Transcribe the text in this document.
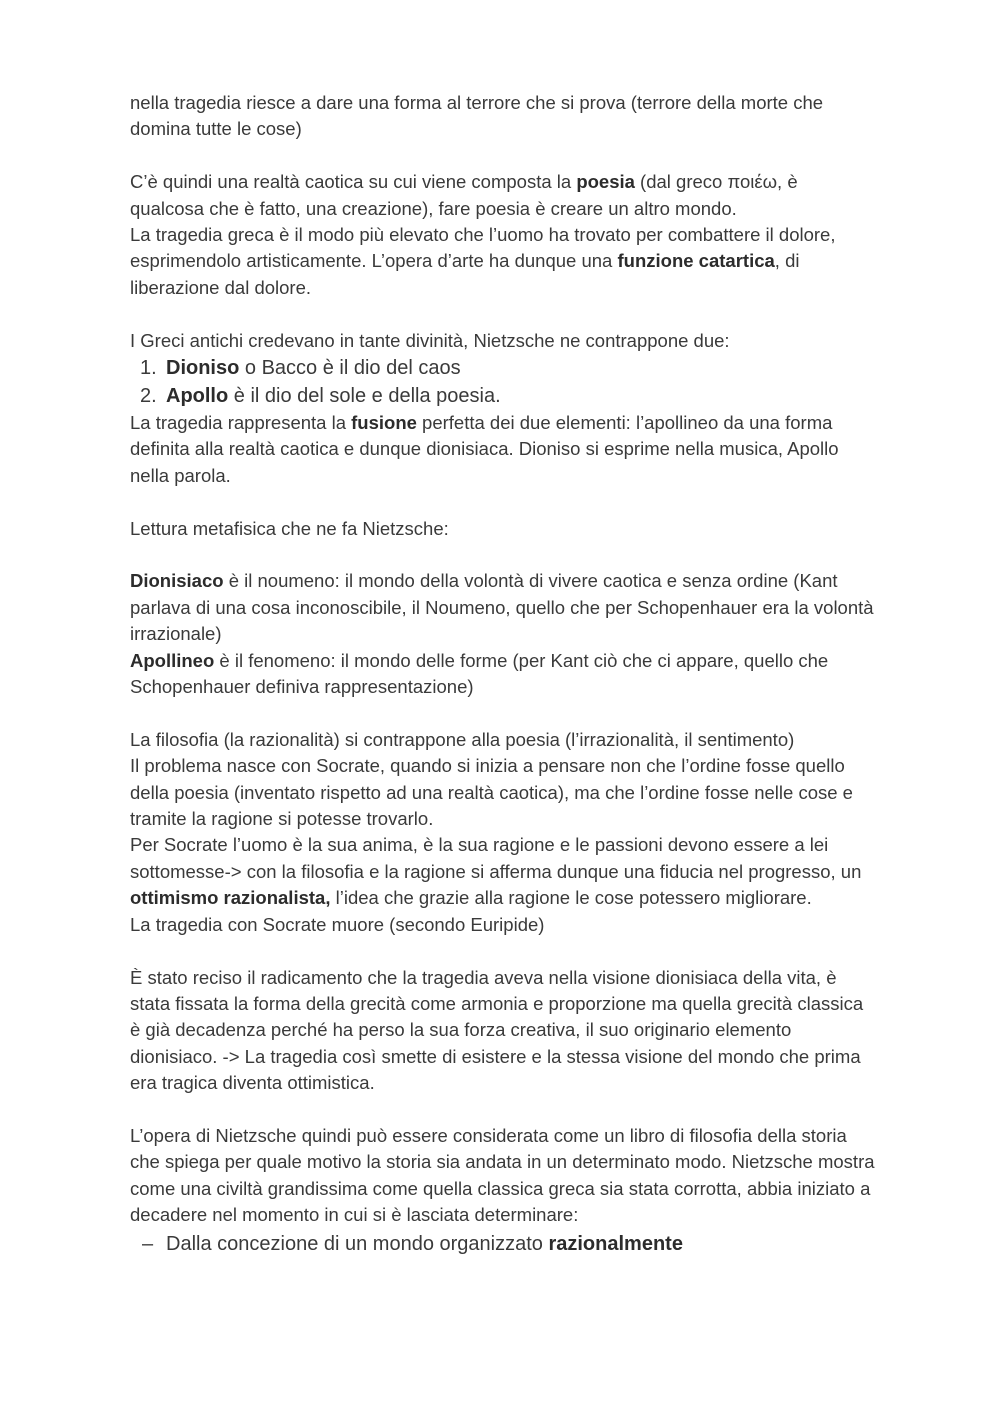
nella tragedia riesce a dare una forma al terrore che si prova (terrore della morte che domina tutte le cose)

C’è quindi una realtà caotica su cui viene composta la poesia (dal greco ποιέω, è qualcosa che è fatto, una creazione), fare poesia è creare un altro mondo.

La tragedia greca è il modo più elevato che l’uomo ha trovato per combattere il dolore, esprimendolo artisticamente. L’opera d’arte ha dunque una funzione catartica, di liberazione dal dolore.

I Greci antichi credevano in tante divinità, Nietzsche ne contrappone due:

1. Dioniso o Bacco è il dio del caos
2. Apollo è il dio del sole e della poesia.

La tragedia rappresenta la fusione perfetta dei due elementi: l’apollineo da una forma definita alla realtà caotica e dunque dionisiaca. Dioniso si esprime nella musica, Apollo nella parola.

Lettura metafisica che ne fa Nietzsche:

Dionisiaco è il noumeno: il mondo della volontà di vivere caotica e senza ordine (Kant parlava di una cosa inconoscibile, il Noumeno, quello che per Schopenhauer era la volontà irrazionale)

Apollineo è il fenomeno: il mondo delle forme (per Kant ciò che ci appare, quello che Schopenhauer definiva rappresentazione)

La filosofia (la razionalità) si contrappone alla poesia (l’irrazionalità, il sentimento)

Il problema nasce con Socrate, quando si inizia a pensare non che l’ordine fosse quello della poesia (inventato rispetto ad una realtà caotica), ma che l’ordine fosse nelle cose e tramite la ragione si potesse trovarlo.

Per Socrate l’uomo è la sua anima, è la sua ragione e le passioni devono essere a lei sottomesse-> con la filosofia e la ragione si afferma dunque una fiducia nel progresso, un ottimismo razionalista, l’idea che grazie alla ragione le cose potessero migliorare.

La tragedia con Socrate muore (secondo Euripide)

È stato reciso il radicamento che la tragedia aveva nella visione dionisiaca della vita, è stata fissata la forma della grecità come armonia e proporzione ma quella grecità classica è già decadenza perché ha perso la sua forza creativa, il suo originario elemento dionisiaco. -> La tragedia così smette di esistere e la stessa visione del mondo che prima era tragica diventa ottimistica.

L’opera di Nietzsche quindi può essere considerata come un libro di filosofia della storia che spiega per quale motivo la storia sia andata in un determinato modo. Nietzsche mostra come una civiltà grandissima come quella classica greca sia stata corrotta, abbia iniziato a decadere nel momento in cui si è lasciata determinare:

– Dalla concezione di un mondo organizzato razionalmente
